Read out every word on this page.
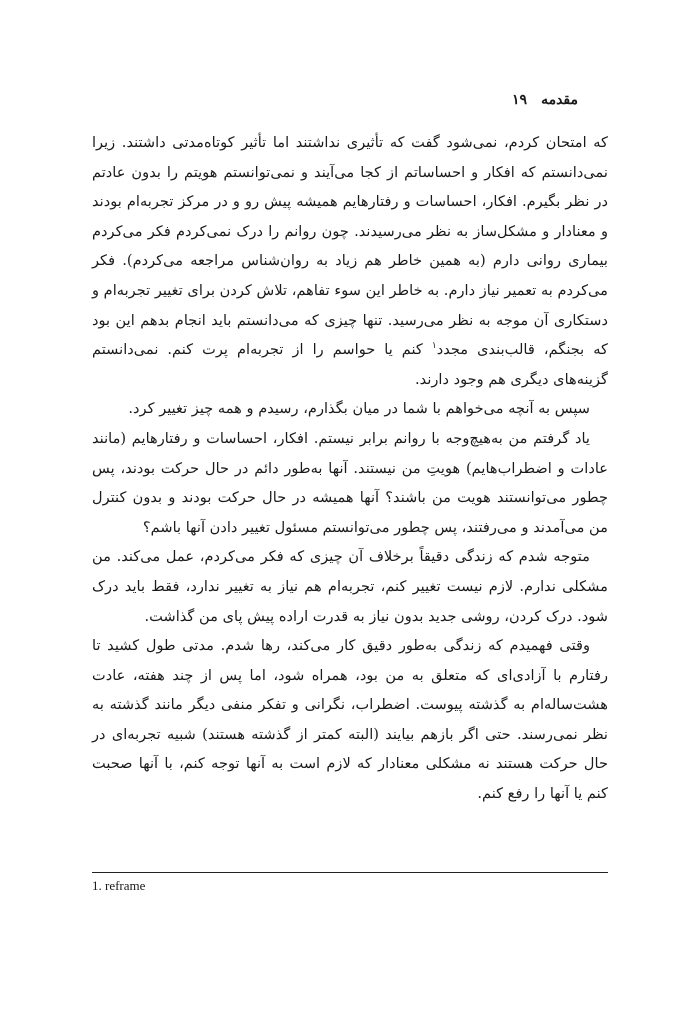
مقدمه
۱۹

که امتحان کردم، نمی‌شود گفت که تأثیری نداشتند اما تأثیر کوتاه‌مدتی داشتند. زیرا نمی‌دانستم که افکار و احساساتم از کجا می‌آیند و نمی‌توانستم هویتم را بدون عادتم در نظر بگیرم. افکار، احساسات و رفتارهایم همیشه پیش رو و در مرکز تجربه‌ام بودند و معنادار و مشکل‌ساز به نظر می‌رسیدند. چون روانم را درک نمی‌کردم فکر می‌کردم بیماری روانی دارم (به همین خاطر هم زیاد به روان‌شناس مراجعه می‌کردم). فکر می‌کردم به تعمیر نیاز دارم. به خاطر این سوء تفاهم، تلاش کردن برای تغییر تجربه‌ام و دستکاری آن موجه به نظر می‌رسید. تنها چیزی که می‌دانستم باید انجام بدهم این بود که بجنگم، قالب‌بندی مجدد$^۱$ کنم یا حواسم را از تجربه‌ام پرت کنم. نمی‌دانستم گزینه‌های دیگری هم وجود دارند.

سپس به آنچه می‌خواهم با شما در میان بگذارم، رسیدم و همه چیز تغییر کرد.

یاد گرفتم من به‌هیچ‌وجه با روانم برابر نیستم. افکار، احساسات و رفتارهایم (مانند عادات و اضطراب‌هایم) هویتِ من نیستند. آنها به‌طور دائم در حال حرکت بودند، پس چطور می‌توانستند هویت من باشند؟ آنها همیشه در حال حرکت بودند و بدون کنترل من می‌آمدند و می‌رفتند، پس چطور می‌توانستم مسئول تغییر دادن آنها باشم؟

متوجه شدم که زندگی دقیقاً برخلاف آن چیزی که فکر می‌کردم، عمل می‌کند. من مشکلی ندارم. لازم نیست تغییر کنم، تجربه‌ام هم نیاز به تغییر ندارد، فقط باید درک شود. درک کردن، روشی جدید بدون نیاز به قدرت اراده پیش پای من گذاشت.

وقتی فهمیدم که زندگی به‌طور دقیق کار می‌کند، رها شدم. مدتی طول کشید تا رفتارم با آزادی‌ای که متعلق به من بود، همراه شود، اما پس از چند هفته، عادت هشت‌ساله‌ام به گذشته پیوست. اضطراب، نگرانی و تفکر منفی دیگر مانند گذشته به نظر نمی‌رسند. حتی اگر بازهم بیایند (البته کمتر از گذشته هستند) شبیه تجربه‌ای در حال حرکت هستند نه مشکلی معنادار که لازم است به آنها توجه کنم، با آنها صحبت کنم یا آنها را رفع کنم.

1. reframe
